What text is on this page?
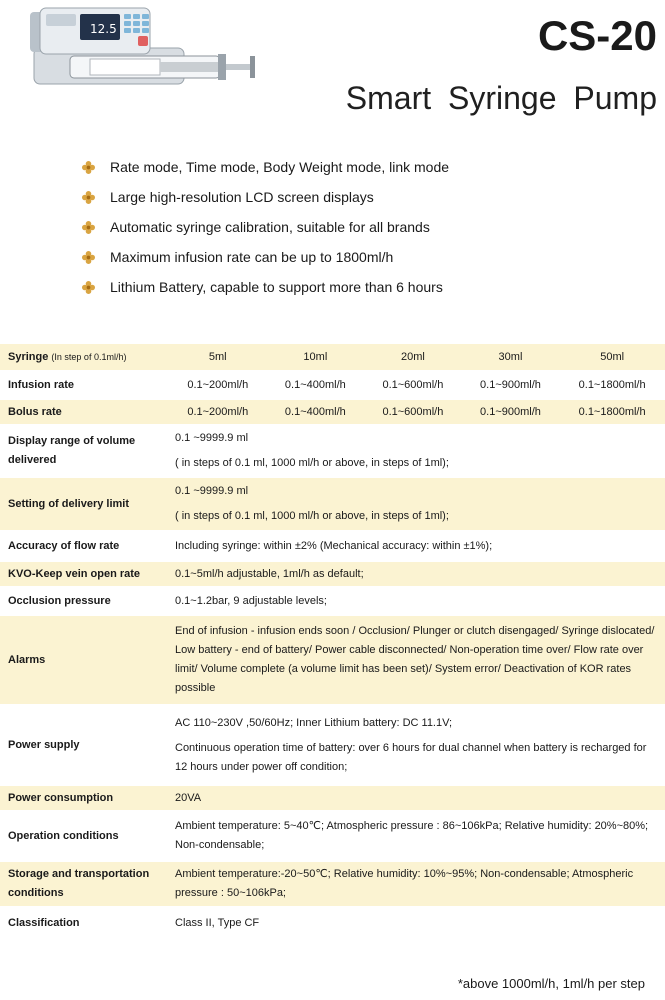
12.5	CS-20
Smart Syringe Pump
Rate mode, Time mode, Body Weight mode, link mode
Large high-resolution LCD screen displays
Automatic syringe calibration, suitable for all brands
Maximum infusion rate can be up to 1800ml/h
Lithium Battery, capable to support more than 6 hours
Syringe (In step of 0.1ml/h)	5ml	10ml	20ml	30ml	50ml
Infusion rate	0.1~200ml/h	0.1~400ml/h	0.1~600ml/h	0.1~900ml/h	0.1~1800ml/h
Bolus rate	0.1~200ml/h	0.1~400ml/h	0.1~600ml/h	0.1~900ml/h	0.1~1800ml/h
Display range of volume delivered	0.1 ~9999.9 ml

( in steps of 0.1 ml, 1000 ml/h or above, in steps of 1ml);				

Setting of delivery limit	0.1 ~9999.9 ml

( in steps of 0.1 ml, 1000 ml/h or above, in steps of 1ml);				

Accuracy of flow rate	Including syringe: within ±2% (Mechanical accuracy: within ±1%);				
KVO-Keep vein open rate	0.1~5ml/h adjustable, 1ml/h as default;				
Occlusion pressure	0.1~1.2bar, 9 adjustable levels;				
Alarms	End of infusion - infusion ends soon / Occlusion/ Plunger or clutch disengaged/ Syringe dislocated/ Low battery - end of battery/ Power cable disconnected/ Non-operation time over/ Flow rate over limit/ Volume complete (a volume limit has been set)/ System error/ Deactivation of KOR rates possible				
Power supply	AC 110~230V ,50/60Hz; Inner Lithium battery: DC 11.1V;

Continuous operation time of battery: over 6 hours for dual channel when battery is recharged for 12 hours under power off condition;				

Power consumption	20VA				
Operation conditions	Ambient temperature: 5~40℃; Atmospheric pressure : 86~106kPa; Relative humidity: 20%~80%; Non-condensable;				
Storage and transportation conditions	Ambient temperature:-20~50℃; Relative humidity: 10%~95%; Non-condensable; Atmospheric pressure : 50~106kPa;				
Classification	Class II, Type CF				

*above 1000ml/h, 1ml/h per step
